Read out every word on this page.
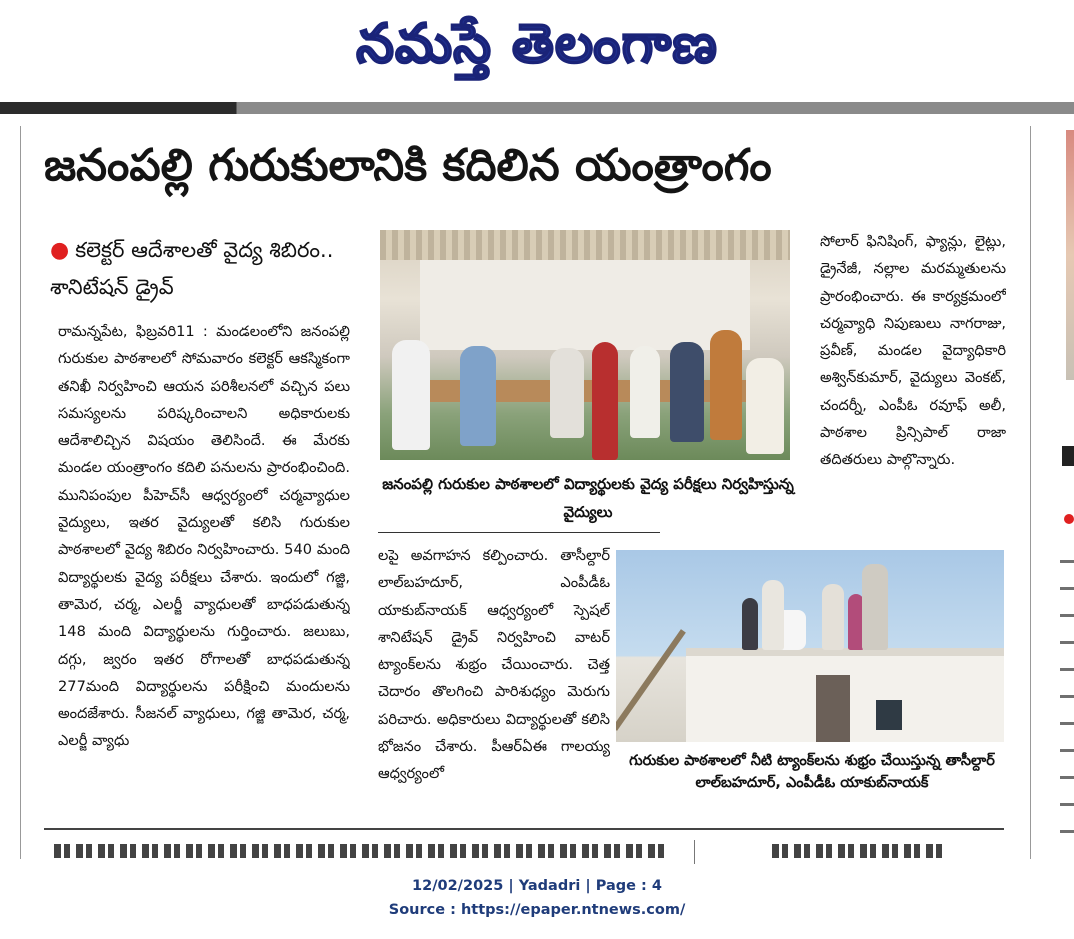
నమస్తే తెలంగాణ
జనంపల్లి గురుకులానికి కదిలిన యంత్రాంగం
● కలెక్టర్ ఆదేశాలతో వైద్య శిబిరం.. శానిటేషన్ డ్రైవ్
రామన్నపేట, ఫిబ్రవరి11 : మండలంలోని జనంపల్లి గురుకుల పాఠశాలలో సోమవారం కలెక్టర్ ఆకస్మికంగా తనిఖీ నిర్వహించి ఆయన పరిశీలనలో వచ్చిన పలు సమస్యలను పరిష్కరించాలని అధికారులకు ఆదేశాలిచ్చిన విషయం తెలిసిందే. ఈ మేరకు మండల యంత్రాంగం కదిలి పనులను ప్రారంభించింది. మునిపంపుల పీహెచ్‌సీ ఆధ్వర్యంలో చర్మవ్యాధుల వైద్యులు, ఇతర వైద్యులతో కలిసి గురుకుల పాఠశాలలో వైద్య శిబిరం నిర్వహించారు. 540 మంది విద్యార్థులకు వైద్య పరీక్షలు చేశారు. ఇందులో గజ్జి, తామెర, చర్మ, ఎలర్జీ వ్యాధులతో బాధపడుతున్న 148 మంది విద్యార్థులను గుర్తించారు. జలుబు, దగ్గు, జ్వరం ఇతర రోగాలతో బాధపడుతున్న 277మంది విద్యార్థులను పరీక్షించి మందులను అందజేశారు. సీజనల్ వ్యాధులు, గజ్జి తామెర, చర్మ, ఎలర్జీ వ్యాధు
జనంపల్లి గురుకుల పాఠశాలలో విద్యార్థులకు వైద్య పరీక్షలు నిర్వహిస్తున్న వైద్యులు
సోలార్ ఫినిషింగ్, ఫ్యాన్లు, లైట్లు, డ్రైనేజీ, నల్లాల మరమ్మతులను ప్రారంభించారు. ఈ కార్యక్రమంలో చర్మవ్యాధి నిపుణులు నాగరాజు, ప్రవీణ్, మండల వైద్యాధికారి అశ్విన్‌కుమార్, వైద్యులు వెంకట్, చందర్నీ, ఎంపీఓ రవూఫ్ అలీ, పాఠశాల ప్రిన్సిపాల్ రాజా తదితరులు పాల్గొన్నారు.
లపై అవగాహన కల్పించారు. తాసీల్దార్ లాల్‌బహదూర్, ఎంపీడీఓ యాకుబ్‌నాయక్ ఆధ్వర్యంలో స్పెషల్ శానిటేషన్ డ్రైవ్ నిర్వహించి వాటర్ ట్యాంక్‌లను శుభ్రం చేయించారు. చెత్త చెదారం తొలగించి పారిశుధ్యం మెరుగు పరిచారు. అధికారులు విద్యార్థులతో కలిసి భోజనం చేశారు. పీఆర్ఏఈ గాలయ్య ఆధ్వర్యంలో
గురుకుల పాఠశాలలో నీటి ట్యాంక్‌లను శుభ్రం చేయిస్తున్న తాసీల్దార్ లాల్‌బహదూర్, ఎంపీడీఓ యాకుబ్‌నాయక్
12/02/2025 | Yadadri | Page : 4
Source : https://epaper.ntnews.com/
